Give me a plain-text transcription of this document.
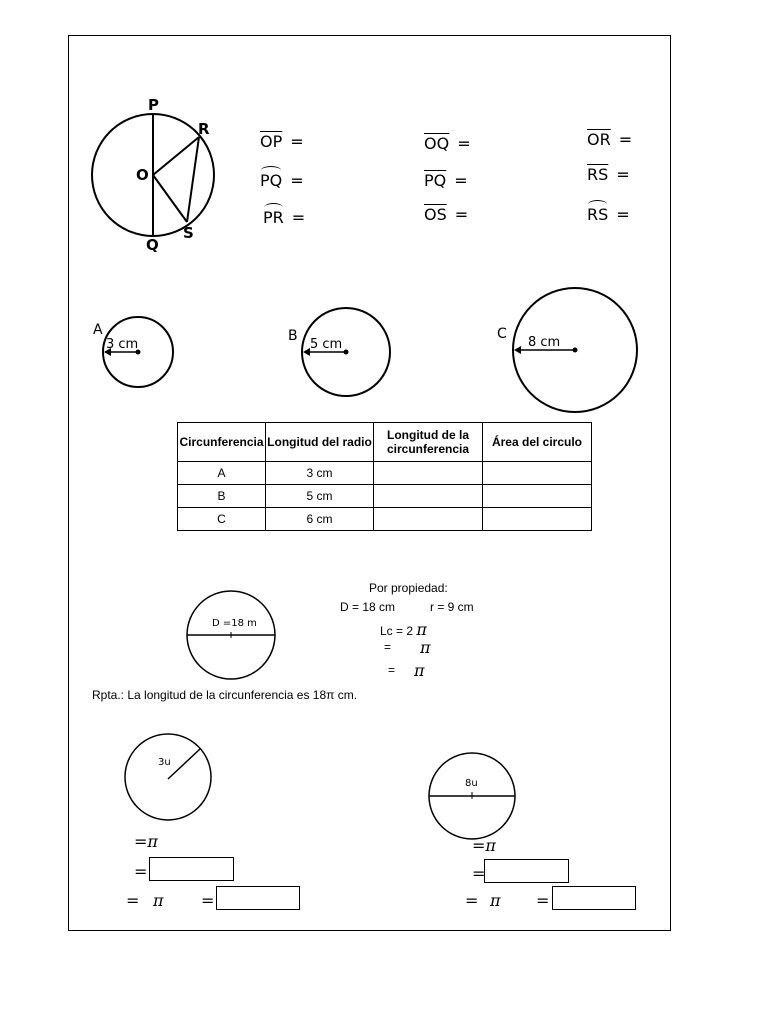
P
R
O
Q
S
$\overline{OP}$ =
PQ =
PR =
$\overline{OQ}$ =
$\overline{PQ}$ =
$\overline{OS}$ =
$\overline{OR}$ =
$\overline{RS}$ =
RS =
A
3 cm
B
5 cm
C
8 cm
Circunferencia	Longitud del radio	Longitud de la circunferencia	Área del circulo
A	3 cm		
B	5 cm		
C	6 cm		
D =18 m
3u
8u
Por propiedad:
D = 18 cm	r = 9 cm
Lc = 2 π
= π
= π
Rpta.: La longitud de la circunferencia es 18π cm.
=π
=
= π =
=π
=
= π =
